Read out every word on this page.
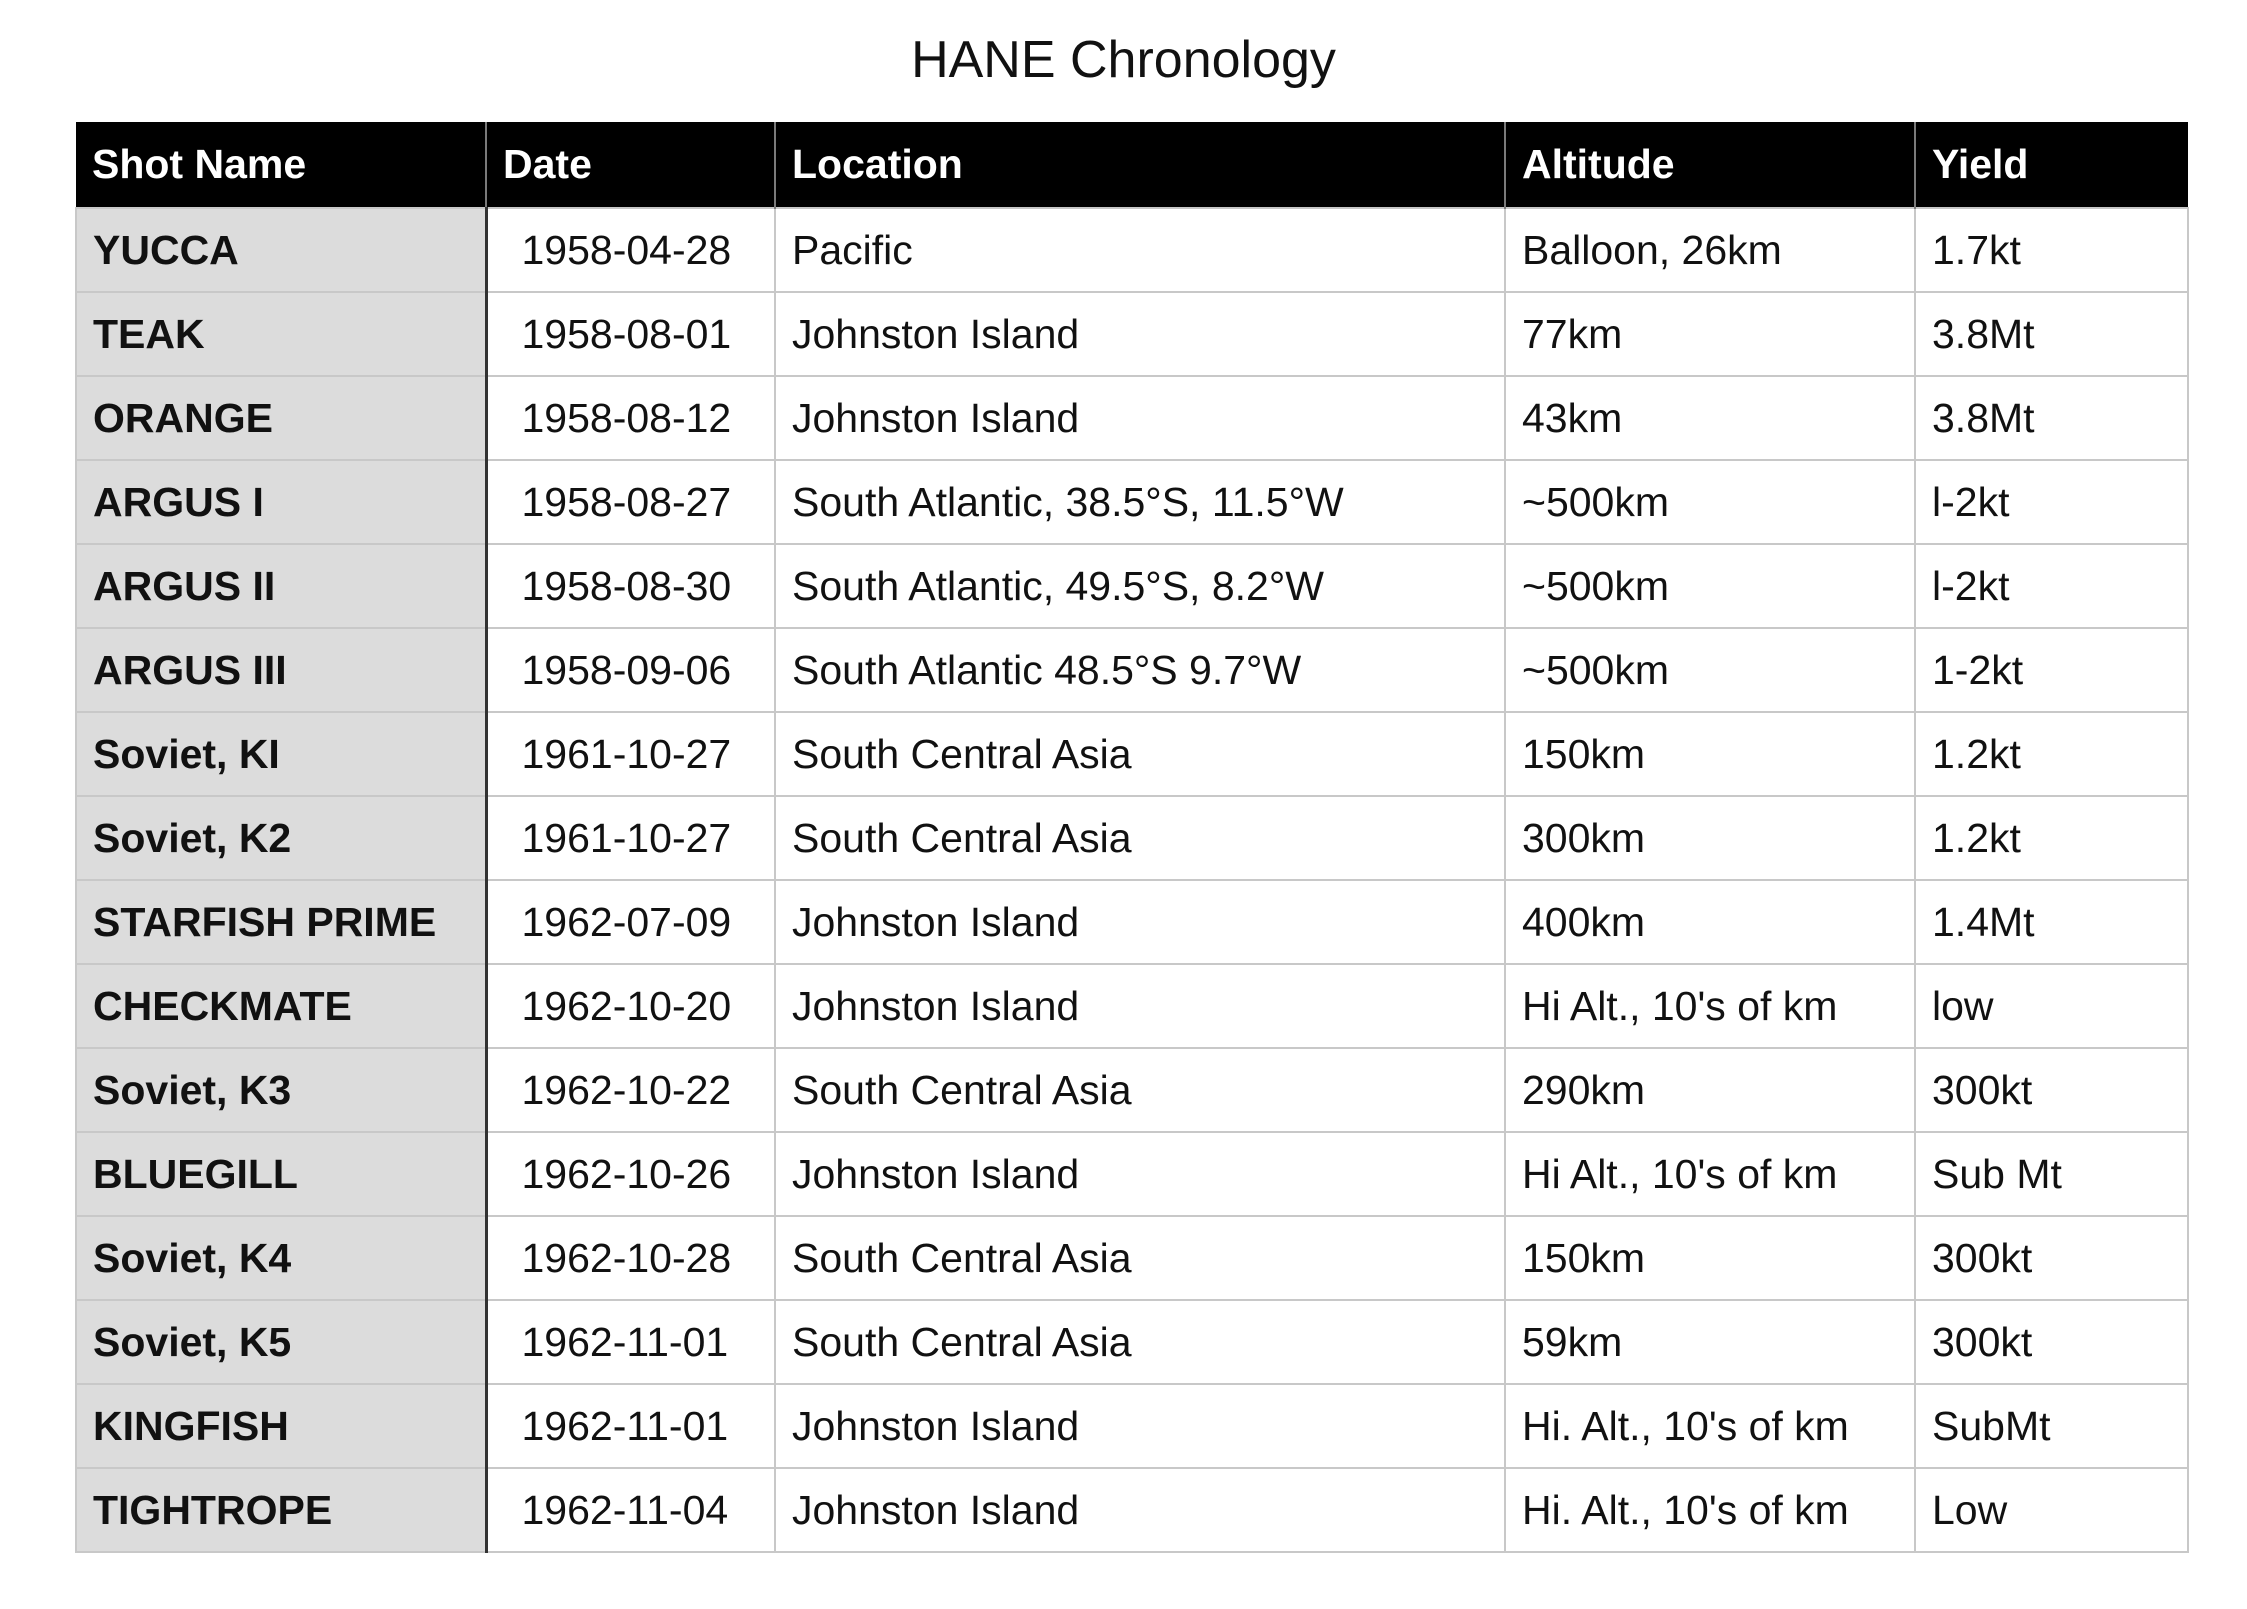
HANE Chronology
Shot Name	Date	Location	Altitude	Yield
YUCCA	1958-04-28	Pacific	Balloon, 26km	1.7kt
TEAK	1958-08-01	Johnston Island	77km	3.8Mt
ORANGE	1958-08-12	Johnston Island	43km	3.8Mt
ARGUS I	1958-08-27	South Atlantic, 38.5°S, 11.5°W	~500km	l-2kt
ARGUS II	1958-08-30	South Atlantic, 49.5°S, 8.2°W	~500km	l-2kt
ARGUS III	1958-09-06	South Atlantic 48.5°S 9.7°W	~500km	1-2kt
Soviet, KI	1961-10-27	South Central Asia	150km	1.2kt
Soviet, K2	1961-10-27	South Central Asia	300km	1.2kt
STARFISH PRIME	1962-07-09	Johnston Island	400km	1.4Mt
CHECKMATE	1962-10-20	Johnston Island	Hi Alt., 10's of km	low
Soviet, K3	1962-10-22	South Central Asia	290km	300kt
BLUEGILL	1962-10-26	Johnston Island	Hi Alt., 10's of km	Sub Mt
Soviet, K4	1962-10-28	South Central Asia	150km	300kt
Soviet, K5	1962-11-01	South Central Asia	59km	300kt
KINGFISH	1962-11-01	Johnston Island	Hi. Alt., 10's of km	SubMt
TIGHTROPE	1962-11-04	Johnston Island	Hi. Alt., 10's of km	Low
